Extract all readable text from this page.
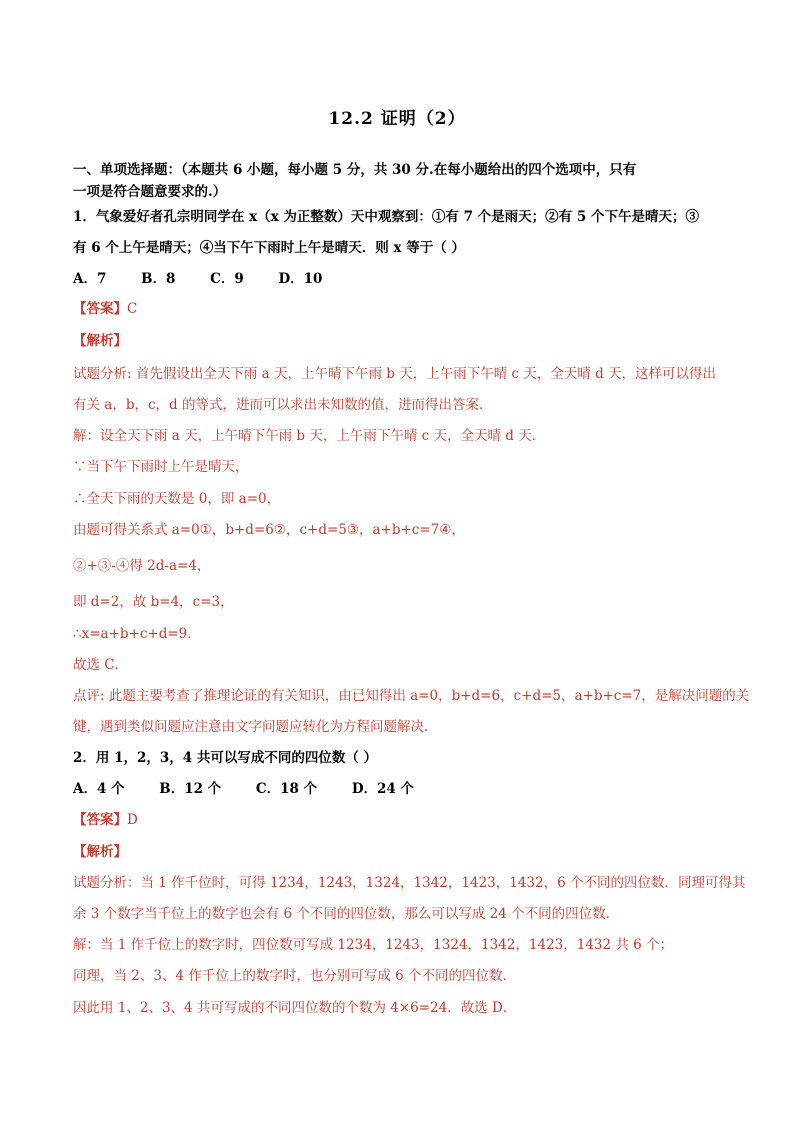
12.2 证明（2）
一、单项选择题：（本题共 6 小题，每小题 5 分，共 30 分.在每小题给出的四个选项中，只有
一项是符合题意要求的.）
1．气象爱好者孔宗明同学在 x（x 为正整数）天中观察到：①有 7 个是雨天；②有 5 个下午是晴天；③
有 6 个上午是晴天；④当下午下雨时上午是晴天．则 x 等于（ ）
A．7	B．8	C．9	D．10
【答案】C
【解析】
试题分析: 首先假设出全天下雨 a 天，上午晴下午雨 b 天，上午雨下午晴 c 天，全天晴 d 天，这样可以得出
有关 a，b，c，d 的等式，进而可以求出未知数的值，进而得出答案．
解：设全天下雨 a 天，上午晴下午雨 b 天，上午雨下午晴 c 天，全天晴 d 天．
∵当下午下雨时上午是晴天，
∴全天下雨的天数是 0，即 a=0，
由题可得关系式 a=0①，b+d=6②，c+d=5③，a+b+c=7④，
②+③-④得 2d-a=4，
即 d=2，故 b=4，c=3，
∴x=a+b+c+d=9．
故选 C．
点评: 此题主要考查了推理论证的有关知识，由已知得出 a=0，b+d=6，c+d=5，a+b+c=7，是解决问题的关
键，遇到类似问题应注意由文字问题应转化为方程问题解决．
2．用 1，2，3，4 共可以写成不同的四位数（ ）
A．4 个	B．12 个	C．18 个	D．24 个
【答案】D
【解析】
试题分析：当 1 作千位时，可得 1234，1243，1324，1342，1423，1432，6 个不同的四位数．同理可得其
余 3 个数字当千位上的数字也会有 6 个不同的四位数，那么可以写成 24 个不同的四位数．
解：当 1 作千位上的数字时，四位数可写成 1234，1243，1324，1342，1423，1432 共 6 个；
同理，当 2、3、4 作千位上的数字时，也分别可写成 6 个不同的四位数．
因此用 1、2、3、4 共可写成的不同四位数的个数为 4×6=24．故选 D．
